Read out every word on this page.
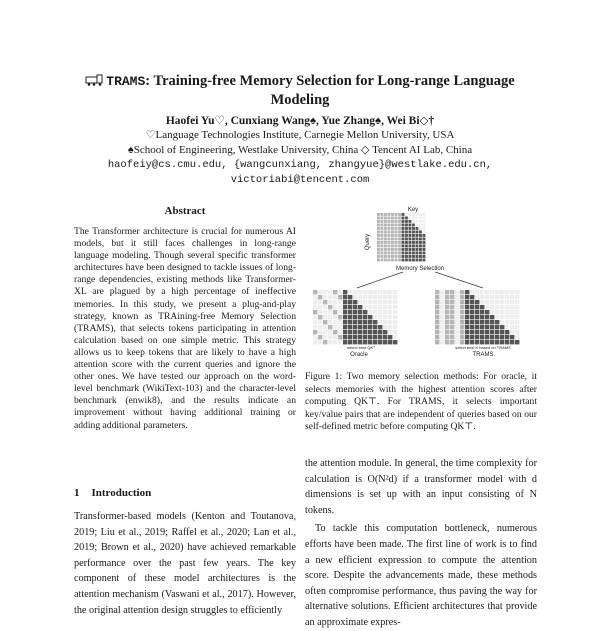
TRAMS: Training-free Memory Selection for Long-range Language
Modeling
Haofei Yu♡, Cunxiang Wang♠, Yue Zhang♠, Wei Bi◇†
♡Language Technologies Institute, Carnegie Mellon University, USA
♠School of Engineering, Westlake University, China ◇ Tencent AI Lab, China
haofeiy@cs.cmu.edu, {wangcunxiang, zhangyue}@westlake.edu.cn,
victoriabi@tencent.com
Abstract

The Transformer architecture is crucial for numerous AI models, but it still faces challenges in long-range language modeling. Though several specific transformer architectures have been designed to tackle issues of long-range dependencies, existing methods like Transformer-XL are plagued by a high percentage of ineffective memories. In this study, we present a plug-and-play strategy, known as TRAining-free Memory Selection (TRAMS), that selects tokens participating in attention calculation based on one simple metric. This strategy allows us to keep tokens that are likely to have a high attention score with the current queries and ignore the other ones. We have tested our approach on the word-level benchmark (WikiText-103) and the character-level benchmark (enwik8), and the results indicate an improvement without having additional training or adding additional parameters.

1 Introduction

Transformer-based models (Kenton and Toutanova, 2019; Liu et al., 2019; Raffel et al., 2020; Lan et al., 2019; Brown et al., 2020) have achieved remarkable performance over the past few years. The key component of these model architectures is the attention mechanism (Vaswani et al., 2017). However, the original attention design struggles to efficiently

Key
Query
Memory Selection
select best QKᵀ
Oracle
select best K based on TRAMS
TRAMS

Figure 1: Two memory selection methods: For oracle, it selects memories with the highest attention scores after computing QK⊤. For TRAMS, it selects important key/value pairs that are independent of queries based on our self-defined metric before computing QK⊤.

the attention module. In general, the time complexity for calculation is O(N²d) if a transformer model with d dimensions is set up with an input consisting of N tokens.

To tackle this computation bottleneck, numerous efforts have been made. The first line of work is to find a new efficient expression to compute the attention score. Despite the advancements made, these methods often compromise performance, thus paving the way for alternative solutions. Efficient architectures that provide an approximate expres-
